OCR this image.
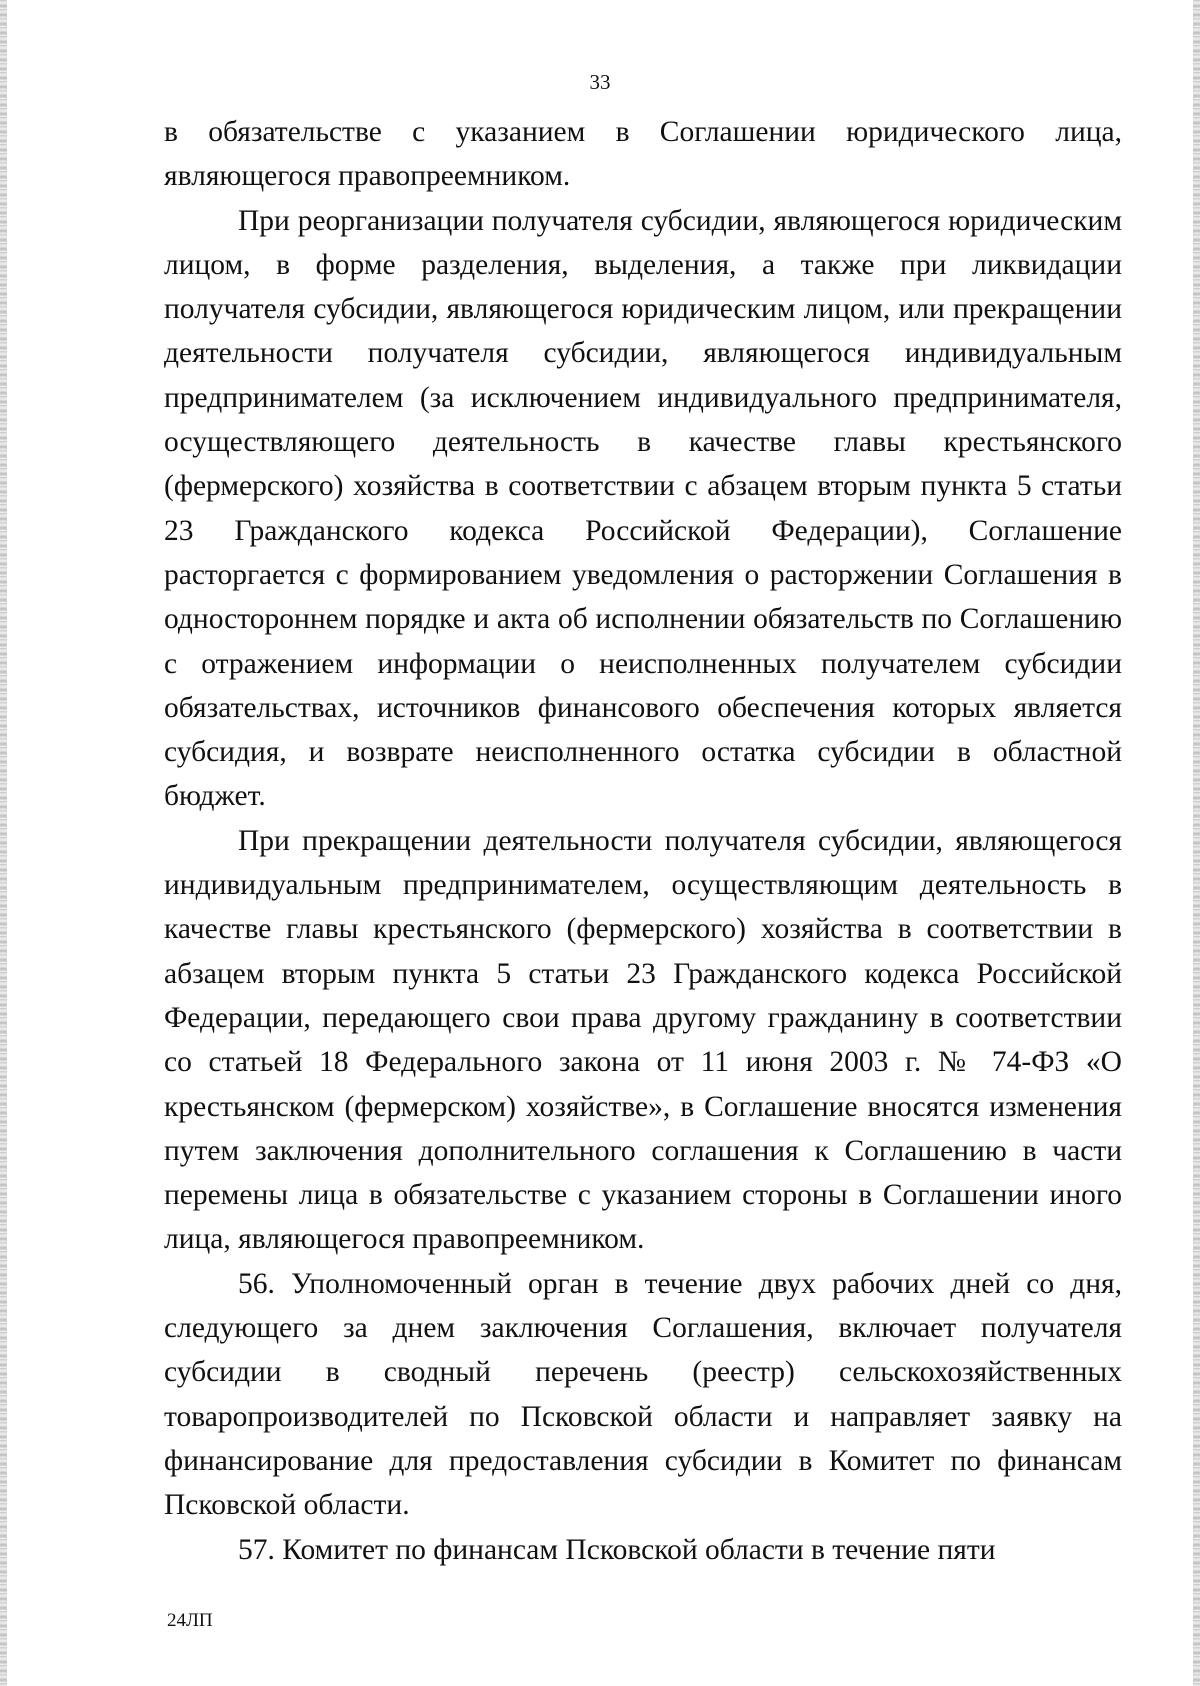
33

в обязательстве с указанием в Соглашении юридического лица, являющегося правопреемником.

При реорганизации получателя субсидии, являющегося юридическим лицом, в форме разделения, выделения, а также при ликвидации получателя субсидии, являющегося юридическим лицом, или прекращении деятельности получателя субсидии, являющегося индивидуальным предпринимателем (за исключением индивидуального предпринимателя, осуществляющего деятельность в качестве главы крестьянского (фермерского) хозяйства в соответствии с абзацем вторым пункта 5 статьи 23 Гражданского кодекса Российской Федерации), Соглашение расторгается с формированием уведомления о расторжении Соглашения в одностороннем порядке и акта об исполнении обязательств по Соглашению с отражением информации о неисполненных получателем субсидии обязательствах, источников финансового обеспечения которых является субсидия, и возврате неисполненного остатка субсидии в областной бюджет.

При прекращении деятельности получателя субсидии, являющегося индивидуальным предпринимателем, осуществляющим деятельность в качестве главы крестьянского (фермерского) хозяйства в соответствии в абзацем вторым пункта 5 статьи 23 Гражданского кодекса Российской Федерации, передающего свои права другому гражданину в соответствии со статьей 18 Федерального закона от 11 июня 2003 г. № 74-ФЗ «О крестьянском (фермерском) хозяйстве», в Соглашение вносятся изменения путем заключения дополнительного соглашения к Соглашению в части перемены лица в обязательстве с указанием стороны в Соглашении иного лица, являющегося правопреемником.

56. Уполномоченный орган в течение двух рабочих дней со дня, следующего за днем заключения Соглашения, включает получателя субсидии в сводный перечень (реестр) сельскохозяйственных товаропроизводителей по Псковской области и направляет заявку на финансирование для предоставления субсидии в Комитет по финансам Псковской области.

57. Комитет по финансам Псковской области в течение пяти

24ЛП
